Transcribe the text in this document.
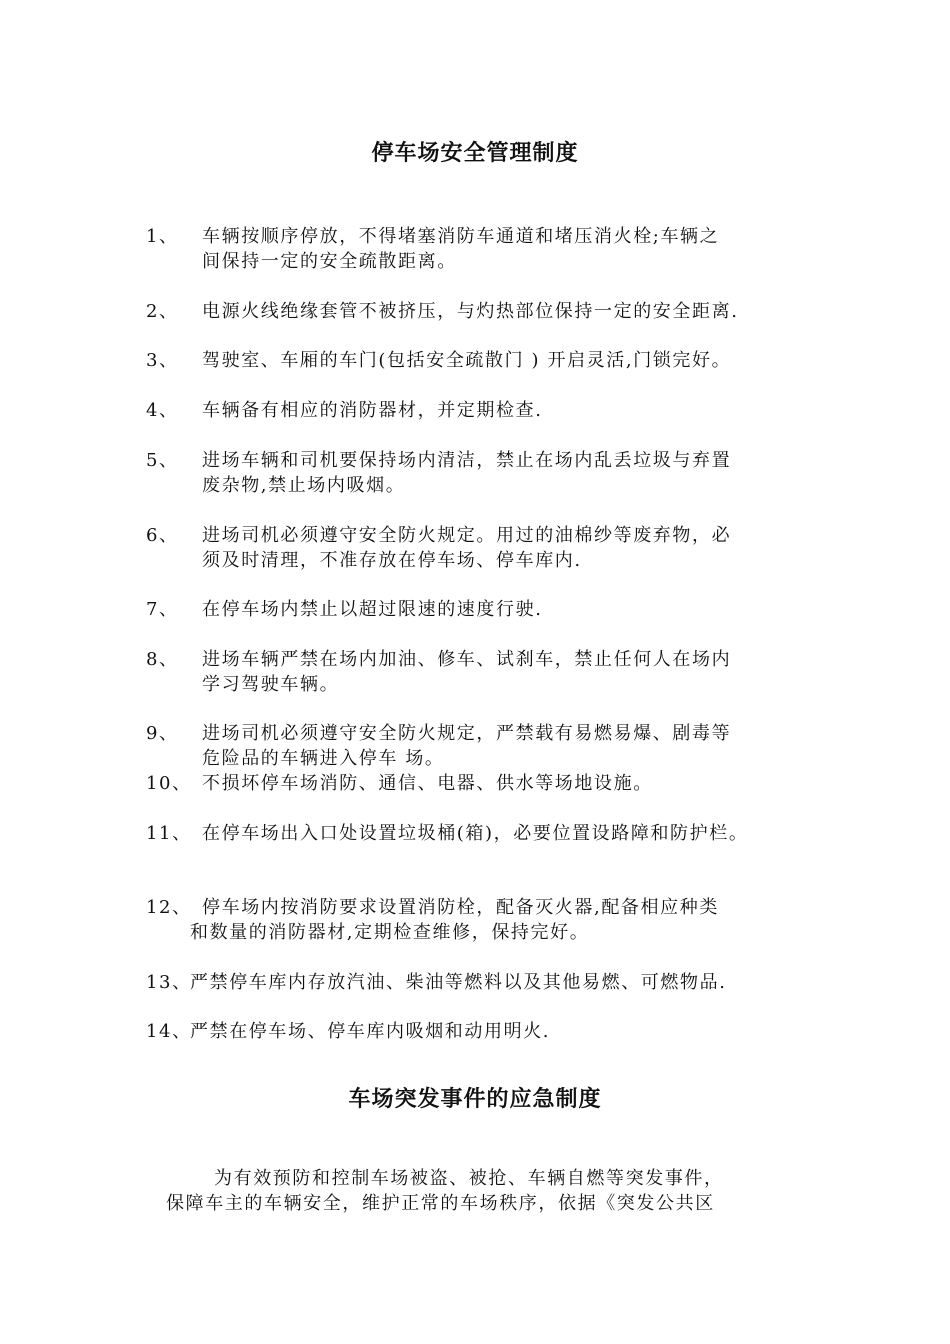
停车场安全管理制度
1、 车辆按顺序停放，不得堵塞消防车通道和堵压消火栓;车辆之
间保持一定的安全疏散距离。
2、 电源火线绝缘套管不被挤压，与灼热部位保持一定的安全距离.
3、 驾驶室、车厢的车门(包括安全疏散门 ) 开启灵活,门锁完好。
4、 车辆备有相应的消防器材，并定期检查.
5、 进场车辆和司机要保持场内清洁，禁止在场内乱丢垃圾与弃置
废杂物,禁止场内吸烟。
6、 进场司机必须遵守安全防火规定。用过的油棉纱等废弃物，必
须及时清理，不准存放在停车场、停车库内.
7、 在停车场内禁止以超过限速的速度行驶.
8、 进场车辆严禁在场内加油、修车、试刹车，禁止任何人在场内
学习驾驶车辆。
9、 进场司机必须遵守安全防火规定，严禁载有易燃易爆、剧毒等
危险品的车辆进入停车 场。
10、 不损坏停车场消防、通信、电器、供水等场地设施。
11、 在停车场出入口处设置垃圾桶(箱)，必要位置设路障和防护栏。
12、 停车场内按消防要求设置消防栓，配备灭火器,配备相应种类
和数量的消防器材,定期检查维修，保持完好。
13、
严禁停车库内存放汽油、柴油等燃料以及其他易燃、可燃物品.
14、
严禁在停车场、停车库内吸烟和动用明火.
车场突发事件的应急制度
为有效预防和控制车场被盗、被抢、车辆自燃等突发事件，
保障车主的车辆安全，维护正常的车场秩序，依据《突发公共区
